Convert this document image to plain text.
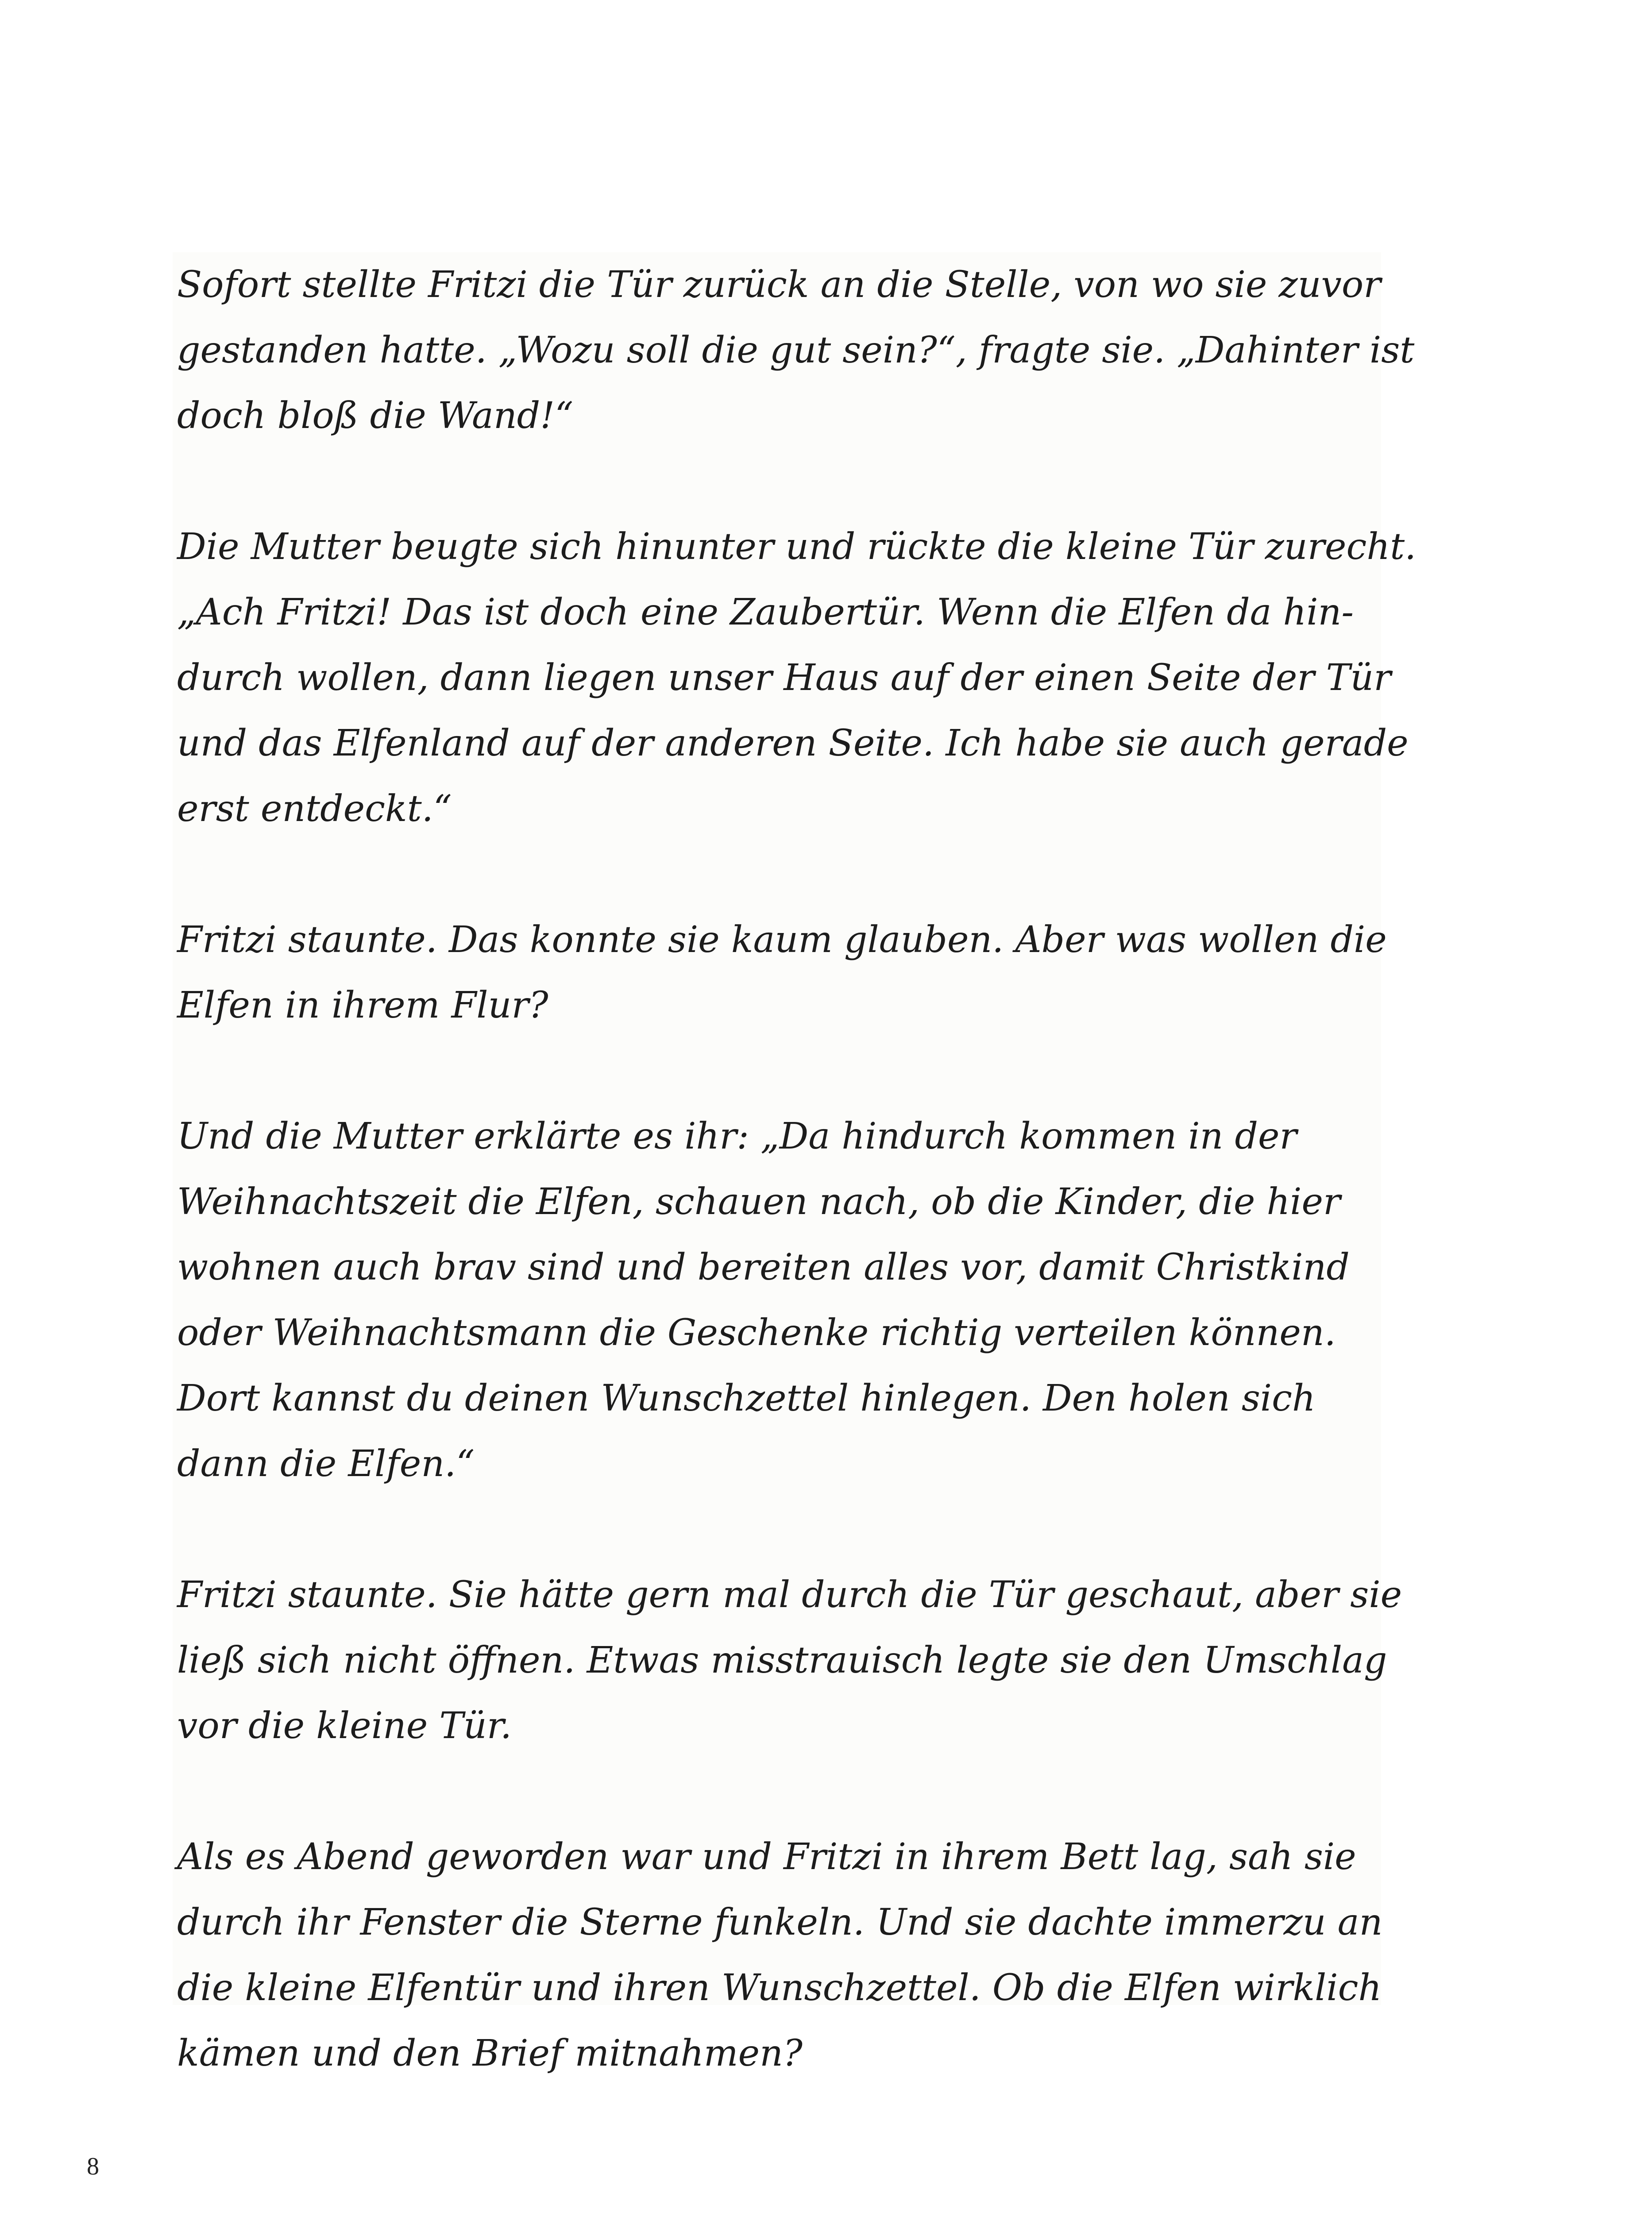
Sofort stellte Fritzi die Tür zurück an die Stelle, von wo sie zuvor
gestanden hatte. „Wozu soll die gut sein?“, fragte sie. „Dahinter ist
doch bloß die Wand!“

Die Mutter beugte sich hinunter und rückte die kleine Tür zurecht.
„Ach Fritzi! Das ist doch eine Zaubertür. Wenn die Elfen da hin-
durch wollen, dann liegen unser Haus auf der einen Seite der Tür
und das Elfenland auf der anderen Seite. Ich habe sie auch gerade
erst entdeckt.“

Fritzi staunte. Das konnte sie kaum glauben. Aber was wollen die
Elfen in ihrem Flur?

Und die Mutter erklärte es ihr: „Da hindurch kommen in der
Weihnachtszeit die Elfen, schauen nach, ob die Kinder, die hier
wohnen auch brav sind und bereiten alles vor, damit Christkind
oder Weihnachtsmann die Geschenke richtig verteilen können.
Dort kannst du deinen Wunschzettel hinlegen. Den holen sich
dann die Elfen.“

Fritzi staunte. Sie hätte gern mal durch die Tür geschaut, aber sie
ließ sich nicht öffnen. Etwas misstrauisch legte sie den Umschlag
vor die kleine Tür.

Als es Abend geworden war und Fritzi in ihrem Bett lag, sah sie
durch ihr Fenster die Sterne funkeln. Und sie dachte immerzu an
die kleine Elfentür und ihren Wunschzettel. Ob die Elfen wirklich
kämen und den Brief mitnahmen?

8
